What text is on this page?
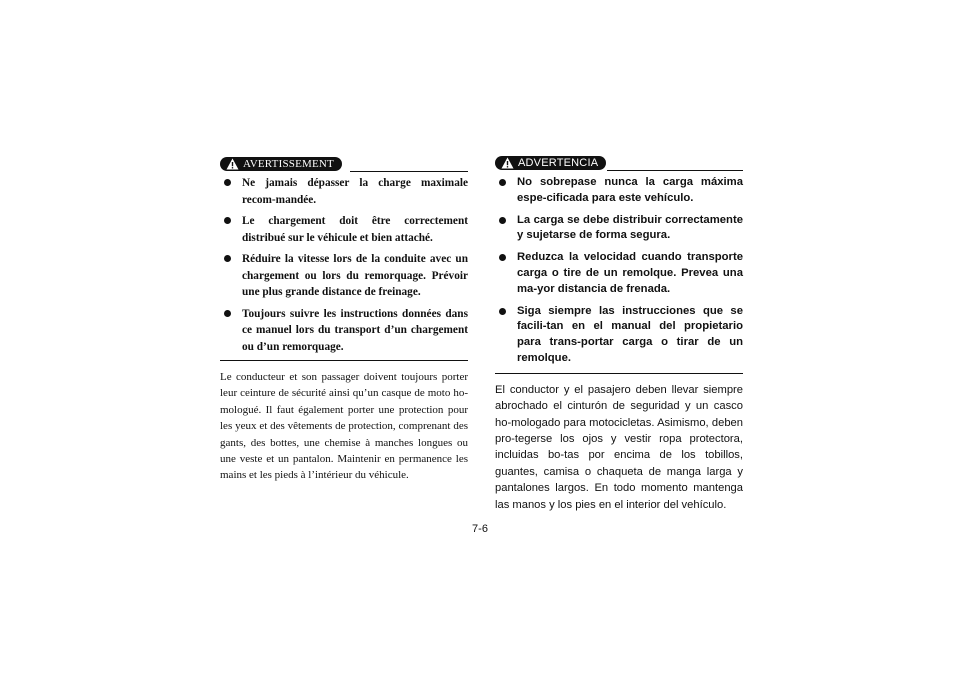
AVERTISSEMENT
Ne jamais dépasser la charge maximale recom-mandée.
Le chargement doit être correctement distribué sur le véhicule et bien attaché.
Réduire la vitesse lors de la conduite avec un chargement ou lors du remorquage. Prévoir une plus grande distance de freinage.
Toujours suivre les instructions données dans ce manuel lors du transport d’un chargement ou d’un remorquage.

Le conducteur et son passager doivent toujours porter leur ceinture de sécurité ainsi qu’un casque de moto ho-mologué. Il faut également porter une protection pour les yeux et des vêtements de protection, comprenant des gants, des bottes, une chemise à manches longues ou une veste et un pantalon. Maintenir en permanence les mains et les pieds à l’intérieur du véhicule.

ADVERTENCIA
No sobrepase nunca la carga máxima espe-cificada para este vehículo.
La carga se debe distribuir correctamente y sujetarse de forma segura.
Reduzca la velocidad cuando transporte carga o tire de un remolque. Prevea una ma-yor distancia de frenada.
Siga siempre las instrucciones que se facili-tan en el manual del propietario para trans-portar carga o tirar de un remolque.

El conductor y el pasajero deben llevar siempre abrochado el cinturón de seguridad y un casco ho-mologado para motocicletas. Asimismo, deben pro-tegerse los ojos y vestir ropa protectora, incluidas bo-tas por encima de los tobillos, guantes, camisa o chaqueta de manga larga y pantalones largos. En todo momento mantenga las manos y los pies en el interior del vehículo.

7-6
